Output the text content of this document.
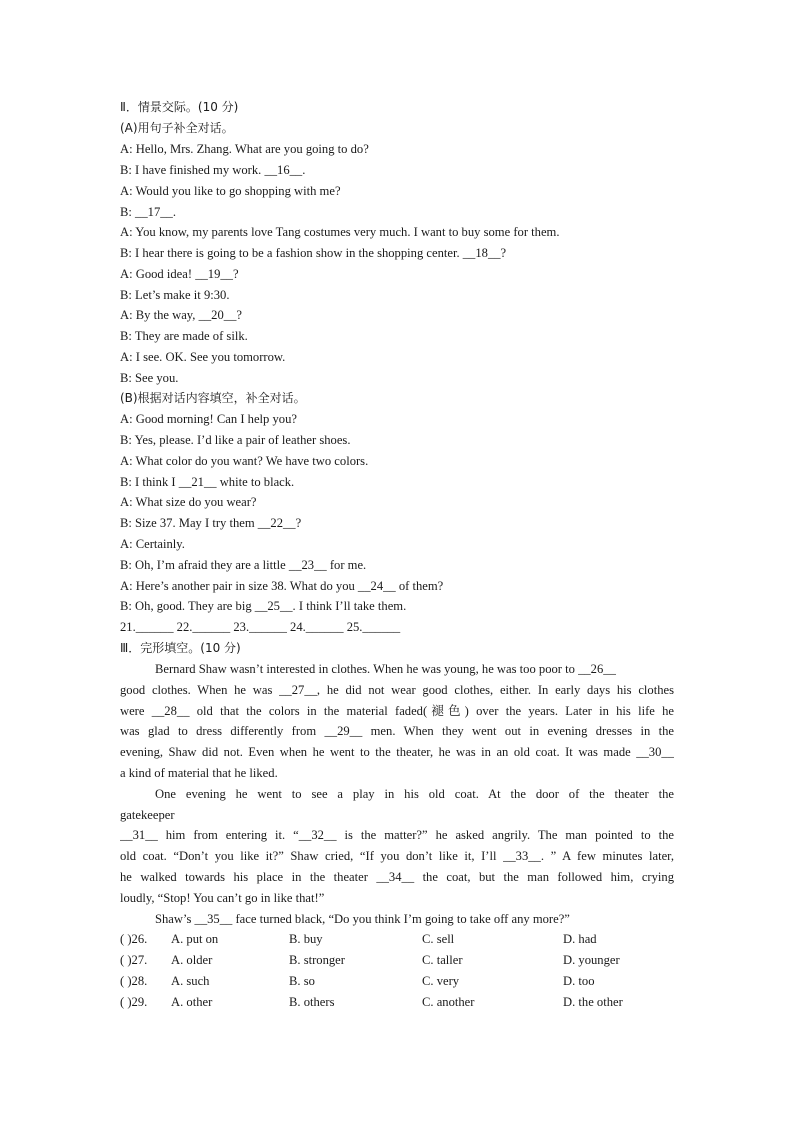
Ⅱ．情景交际。(10 分)
(A)用句子补全对话。
A: Hello, Mrs. Zhang. What are you going to do?
B: I have finished my work. __16__.
A: Would you like to go shopping with me?
B: __17__.
A: You know, my parents love Tang costumes very much. I want to buy some for them.
B: I hear there is going to be a fashion show in the shopping center. __18__?
A: Good idea! __19__?
B: Let’s make it 9:30.
A: By the way, __20__?
B: They are made of silk.
A: I see. OK. See you tomorrow.
B: See you.
(B)根据对话内容填空，补全对话。
A: Good morning! Can I help you?
B: Yes, please. I’d like a pair of leather shoes.
A: What color do you want? We have two colors.
B: I think I __21__ white to black.
A: What size do you wear?
B: Size 37. May I try them __22__?
A: Certainly.
B: Oh, I’m afraid they are a little __23__ for me.
A: Here’s another pair in size 38. What do you __24__ of them?
B: Oh, good. They are big __25__. I think I’ll take them.
21.______ 22.______ 23.______ 24.______ 25.______
Ⅲ．完形填空。(10 分)
Bernard Shaw wasn’t interested in clothes. When he was young, he was too poor to __26__
good clothes. When he was __27__, he did not wear good clothes, either. In early days his clothes
were __28__ old that the colors in the material faded(褪色) over the years. Later in his life he
was glad to dress differently from __29__ men. When they went out in evening dresses in the
evening, Shaw did not. Even when he went to the theater, he was in an old coat. It was made __30__
a kind of material that he liked.
One evening he went to see a play in his old coat. At the door of the theater the
gatekeeper
__31__ him from entering it. “__32__ is the matter?” he asked angrily. The man pointed to the
old coat. “Don’t you like it?” Shaw cried, “If you don’t like it, I’ll __33__. ” A few minutes later,
he walked towards his place in the theater __34__ the coat, but the man followed him, crying
loudly, “Stop! You can’t go in like that!”
Shaw’s __35__ face turned black, “Do you think I’m going to take off any more?”
( )26. A. put on	B. buy	C. sell	D. had
( )27. A. older	B. stronger	C. taller	D. younger
( )28. A. such	B. so	C. very	D. too
( )29. A. other	B. others	C. another	D. the other
